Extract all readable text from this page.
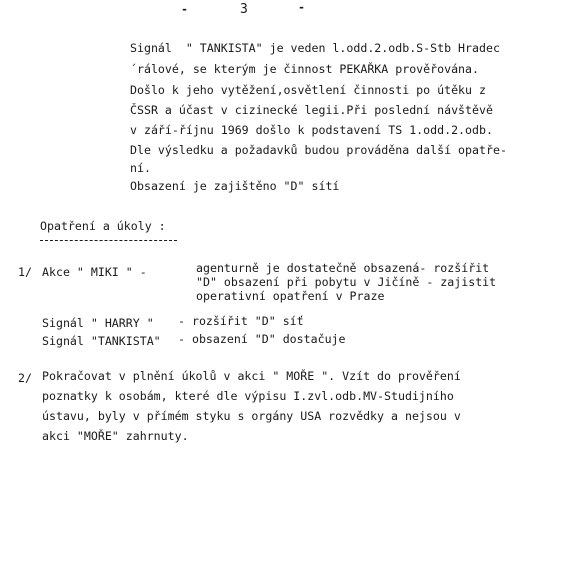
-	3	-
Signál  " TANKISTA" je veden l.odd.2.odb.S-Stb Hradec
´rálové, se kterým je činnost PEKAŘKA prověřována.
Došlo k jeho vytěžení,osvětlení činnosti po útěku z
ČSSR a účast v cizinecké legii.Při poslední návštěvě
v září-říjnu 1969 došlo k podstavení TS 1.odd.2.odb.
Dle výsledku a požadavků budou prováděna další opatře-
ní.
Obsazení je zajištěno "D" sítí
Opatření a úkoly :
1/ Akce " MIKI " -	agenturně je dostatečně obsazená- rozšířit
"D" obsazení při pobytu v Jičíně - zajistit
operativní opatření v Praze
Signál " HARRY " - rozšířit "D" síť
Signál "TANKISTA" - obsazení "D" dostačuje
2/ Pokračovat v plnění úkolů v akci " MOŘE ". Vzít do prověření
poznatky k osobám, které dle výpisu I.zvl.odb.MV-Studijního
ústavu, byly v přímém styku s orgány USA rozvědky a nejsou v
akci "MOŘE" zahrnuty.
